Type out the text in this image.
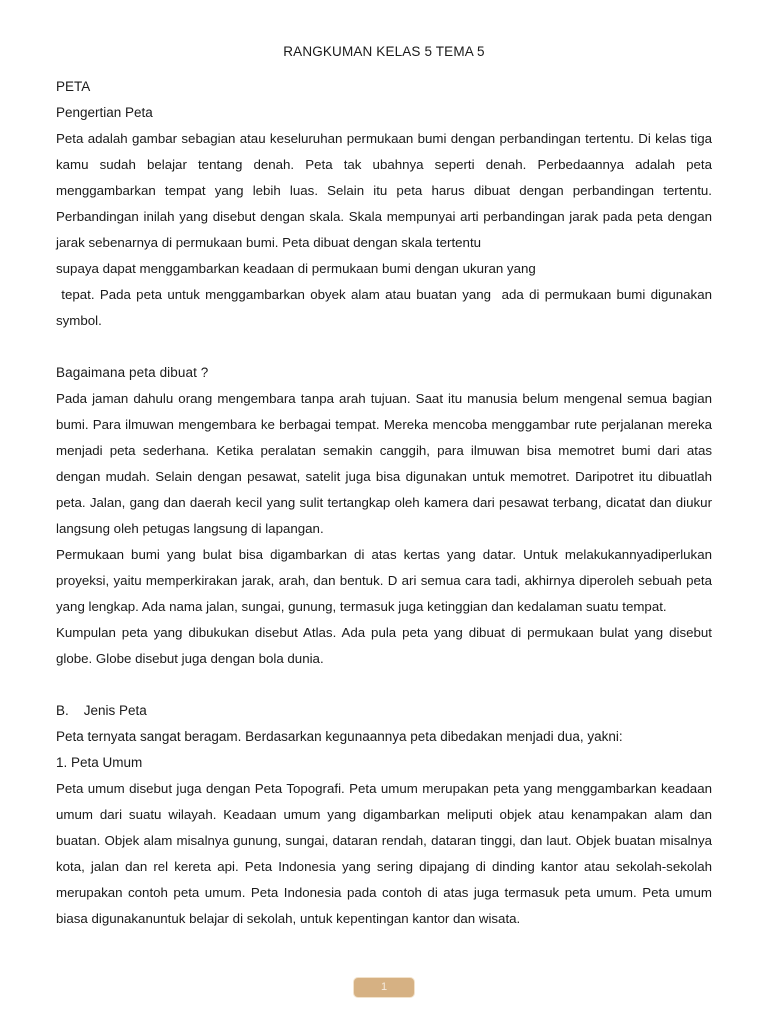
RANGKUMAN KELAS 5 TEMA 5
PETA
Pengertian Peta

Peta adalah gambar sebagian atau keseluruhan permukaan bumi dengan perbandingan tertentu. Di kelas tiga kamu sudah belajar tentang denah. Peta tak ubahnya seperti denah. Perbedaannya adalah peta menggambarkan tempat yang lebih luas. Selain itu peta harus dibuat dengan perbandingan tertentu. Perbandingan inilah yang disebut dengan skala. Skala mempunyai arti perbandingan jarak pada peta dengan jarak sebenarnya di permukaan bumi. Peta dibuat dengan skala tertentu

supaya dapat menggambarkan keadaan di permukaan bumi dengan ukuran yang

tepat. Pada peta untuk menggambarkan obyek alam atau buatan yang  ada di permukaan bumi digunakan symbol.

Bagaimana peta dibuat ?

Pada jaman dahulu orang mengembara tanpa arah tujuan. Saat itu manusia belum mengenal semua bagian bumi. Para ilmuwan mengembara ke berbagai tempat. Mereka mencoba menggambar rute perjalanan mereka menjadi peta sederhana. Ketika peralatan semakin canggih, para ilmuwan bisa memotret bumi dari atas dengan mudah. Selain dengan pesawat, satelit juga bisa digunakan untuk memotret. Daripotret itu dibuatlah peta. Jalan, gang dan daerah kecil yang sulit tertangkap oleh kamera dari pesawat terbang, dicatat dan diukur langsung oleh petugas langsung di lapangan.

Permukaan bumi yang bulat bisa digambarkan di atas kertas yang datar. Untuk melakukannyadiperlukan proyeksi, yaitu memperkirakan jarak, arah, dan bentuk. D ari semua cara tadi, akhirnya diperoleh sebuah peta yang lengkap. Ada nama jalan, sungai, gunung, termasuk juga ketinggian dan kedalaman suatu tempat.

Kumpulan peta yang dibukukan disebut Atlas. Ada pula peta yang dibuat di permukaan bulat yang disebut globe. Globe disebut juga dengan bola dunia.

B.    Jenis Peta
Peta ternyata sangat beragam. Berdasarkan kegunaannya peta dibedakan menjadi dua, yakni:
1. Peta Umum

Peta umum disebut juga dengan Peta Topografi. Peta umum merupakan peta yang menggambarkan keadaan umum dari suatu wilayah. Keadaan umum yang digambarkan meliputi objek atau kenampakan alam dan buatan. Objek alam misalnya gunung, sungai, dataran rendah, dataran tinggi, dan laut. Objek buatan misalnya kota, jalan dan rel kereta api. Peta Indonesia yang sering dipajang di dinding kantor atau sekolah-sekolah merupakan contoh peta umum. Peta Indonesia pada contoh di atas juga termasuk peta umum. Peta umum biasa digunakanuntuk belajar di sekolah, untuk kepentingan kantor dan wisata.

1
